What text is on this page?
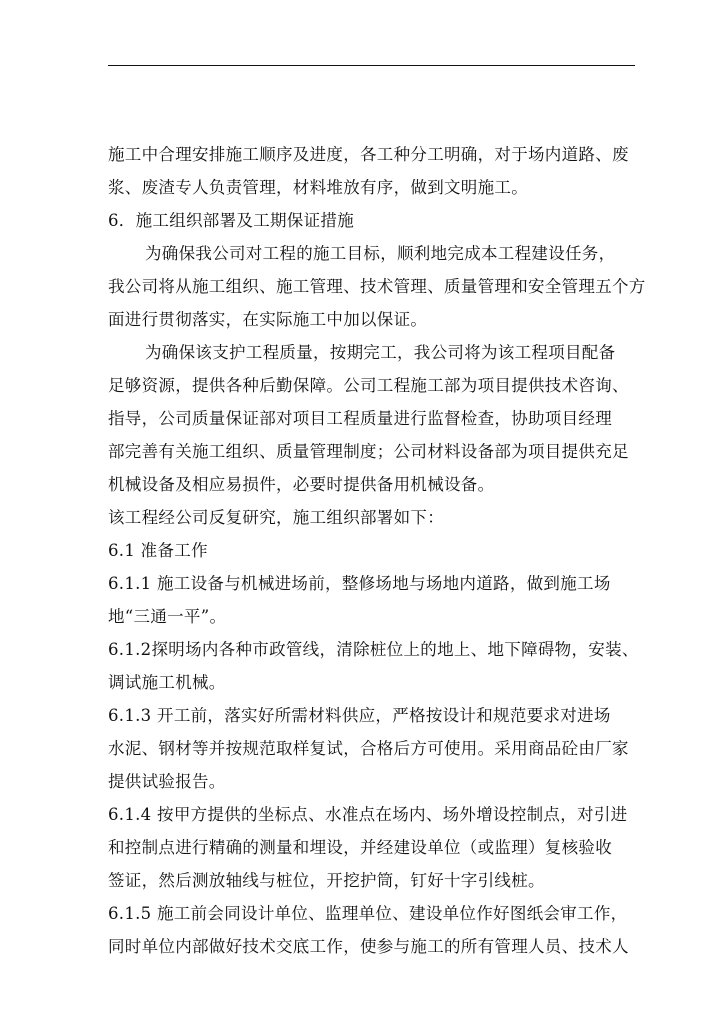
施工中合理安排施工顺序及进度，各工种分工明确，对于场内道路、废
浆、废渣专人负责管理，材料堆放有序，做到文明施工。
6．施工组织部署及工期保证措施
为确保我公司对工程的施工目标，顺利地完成本工程建设任务，
我公司将从施工组织、施工管理、技术管理、质量管理和安全管理五个方
面进行贯彻落实，在实际施工中加以保证。
为确保该支护工程质量，按期完工，我公司将为该工程项目配备
足够资源，提供各种后勤保障。公司工程施工部为项目提供技术咨询、
指导，公司质量保证部对项目工程质量进行监督检查，协助项目经理
部完善有关施工组织、质量管理制度；公司材料设备部为项目提供充足
机械设备及相应易损件，必要时提供备用机械设备。
该工程经公司反复研究，施工组织部署如下：
6.1 准备工作
6.1.1 施工设备与机械进场前，整修场地与场地内道路，做到施工场
地“三通一平”。
6.1.2探明场内各种市政管线，清除桩位上的地上、地下障碍物，安装、
调试施工机械。
6.1.3 开工前，落实好所需材料供应，严格按设计和规范要求对进场
水泥、钢材等并按规范取样复试，合格后方可使用。采用商品砼由厂家
提供试验报告。
6.1.4 按甲方提供的坐标点、水准点在场内、场外增设控制点，对引进
和控制点进行精确的测量和埋设，并经建设单位（或监理）复核验收
签证，然后测放轴线与桩位，开挖护筒，钉好十字引线桩。
6.1.5 施工前会同设计单位、监理单位、建设单位作好图纸会审工作，
同时单位内部做好技术交底工作，使参与施工的所有管理人员、技术人
